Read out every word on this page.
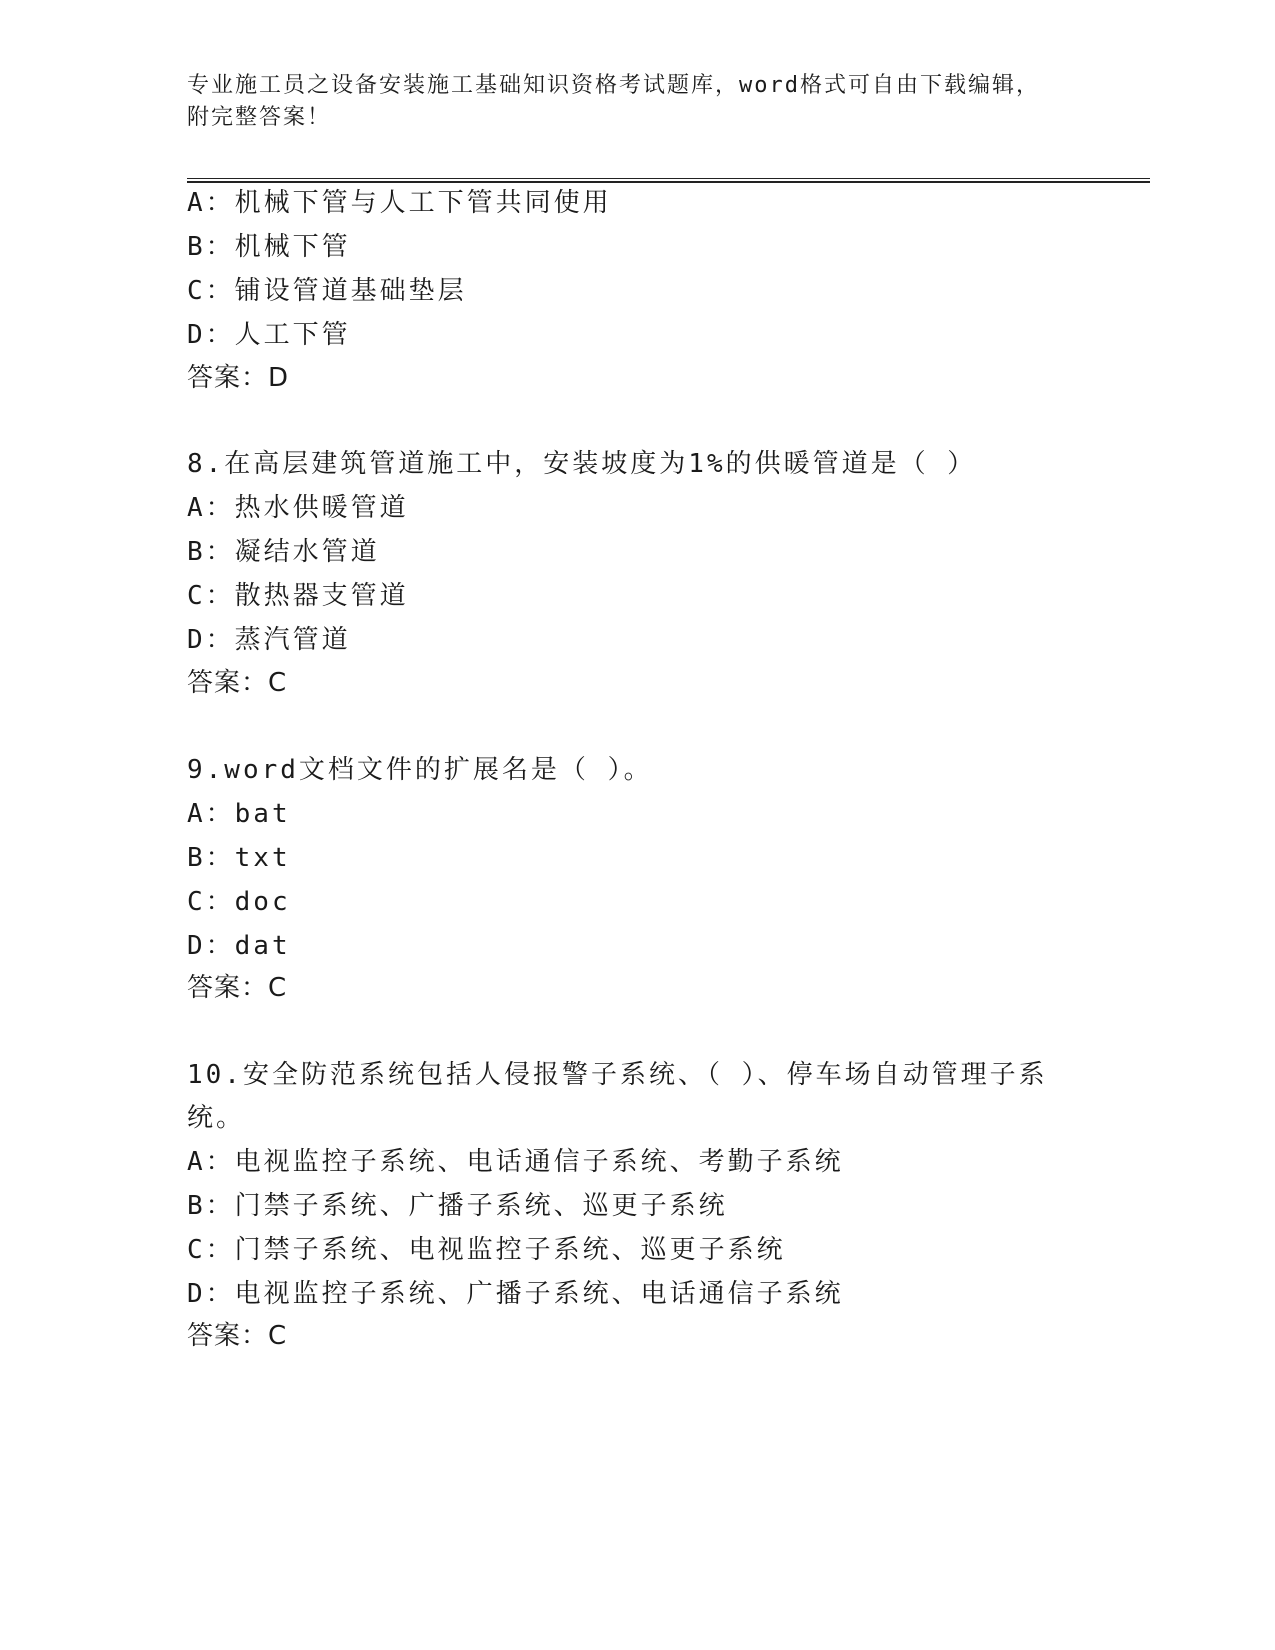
专业施工员之设备安装施工基础知识资格考试题库，word格式可自由下载编辑，
附完整答案！
A：机械下管与人工下管共同使用
B：机械下管
C：铺设管道基础垫层
D：人工下管
答案：D
8.在高层建筑管道施工中，安装坡度为1%的供暖管道是（ ）
A：热水供暖管道
B：凝结水管道
C：散热器支管道
D：蒸汽管道
答案：C
9.word文档文件的扩展名是（ ）。
A：bat
B：txt
C：doc
D：dat
答案：C
10.安全防范系统包括人侵报警子系统、（ ）、停车场自动管理子系
统。
A：电视监控子系统、电话通信子系统、考勤子系统
B：门禁子系统、广播子系统、巡更子系统
C：门禁子系统、电视监控子系统、巡更子系统
D：电视监控子系统、广播子系统、电话通信子系统
答案：C
